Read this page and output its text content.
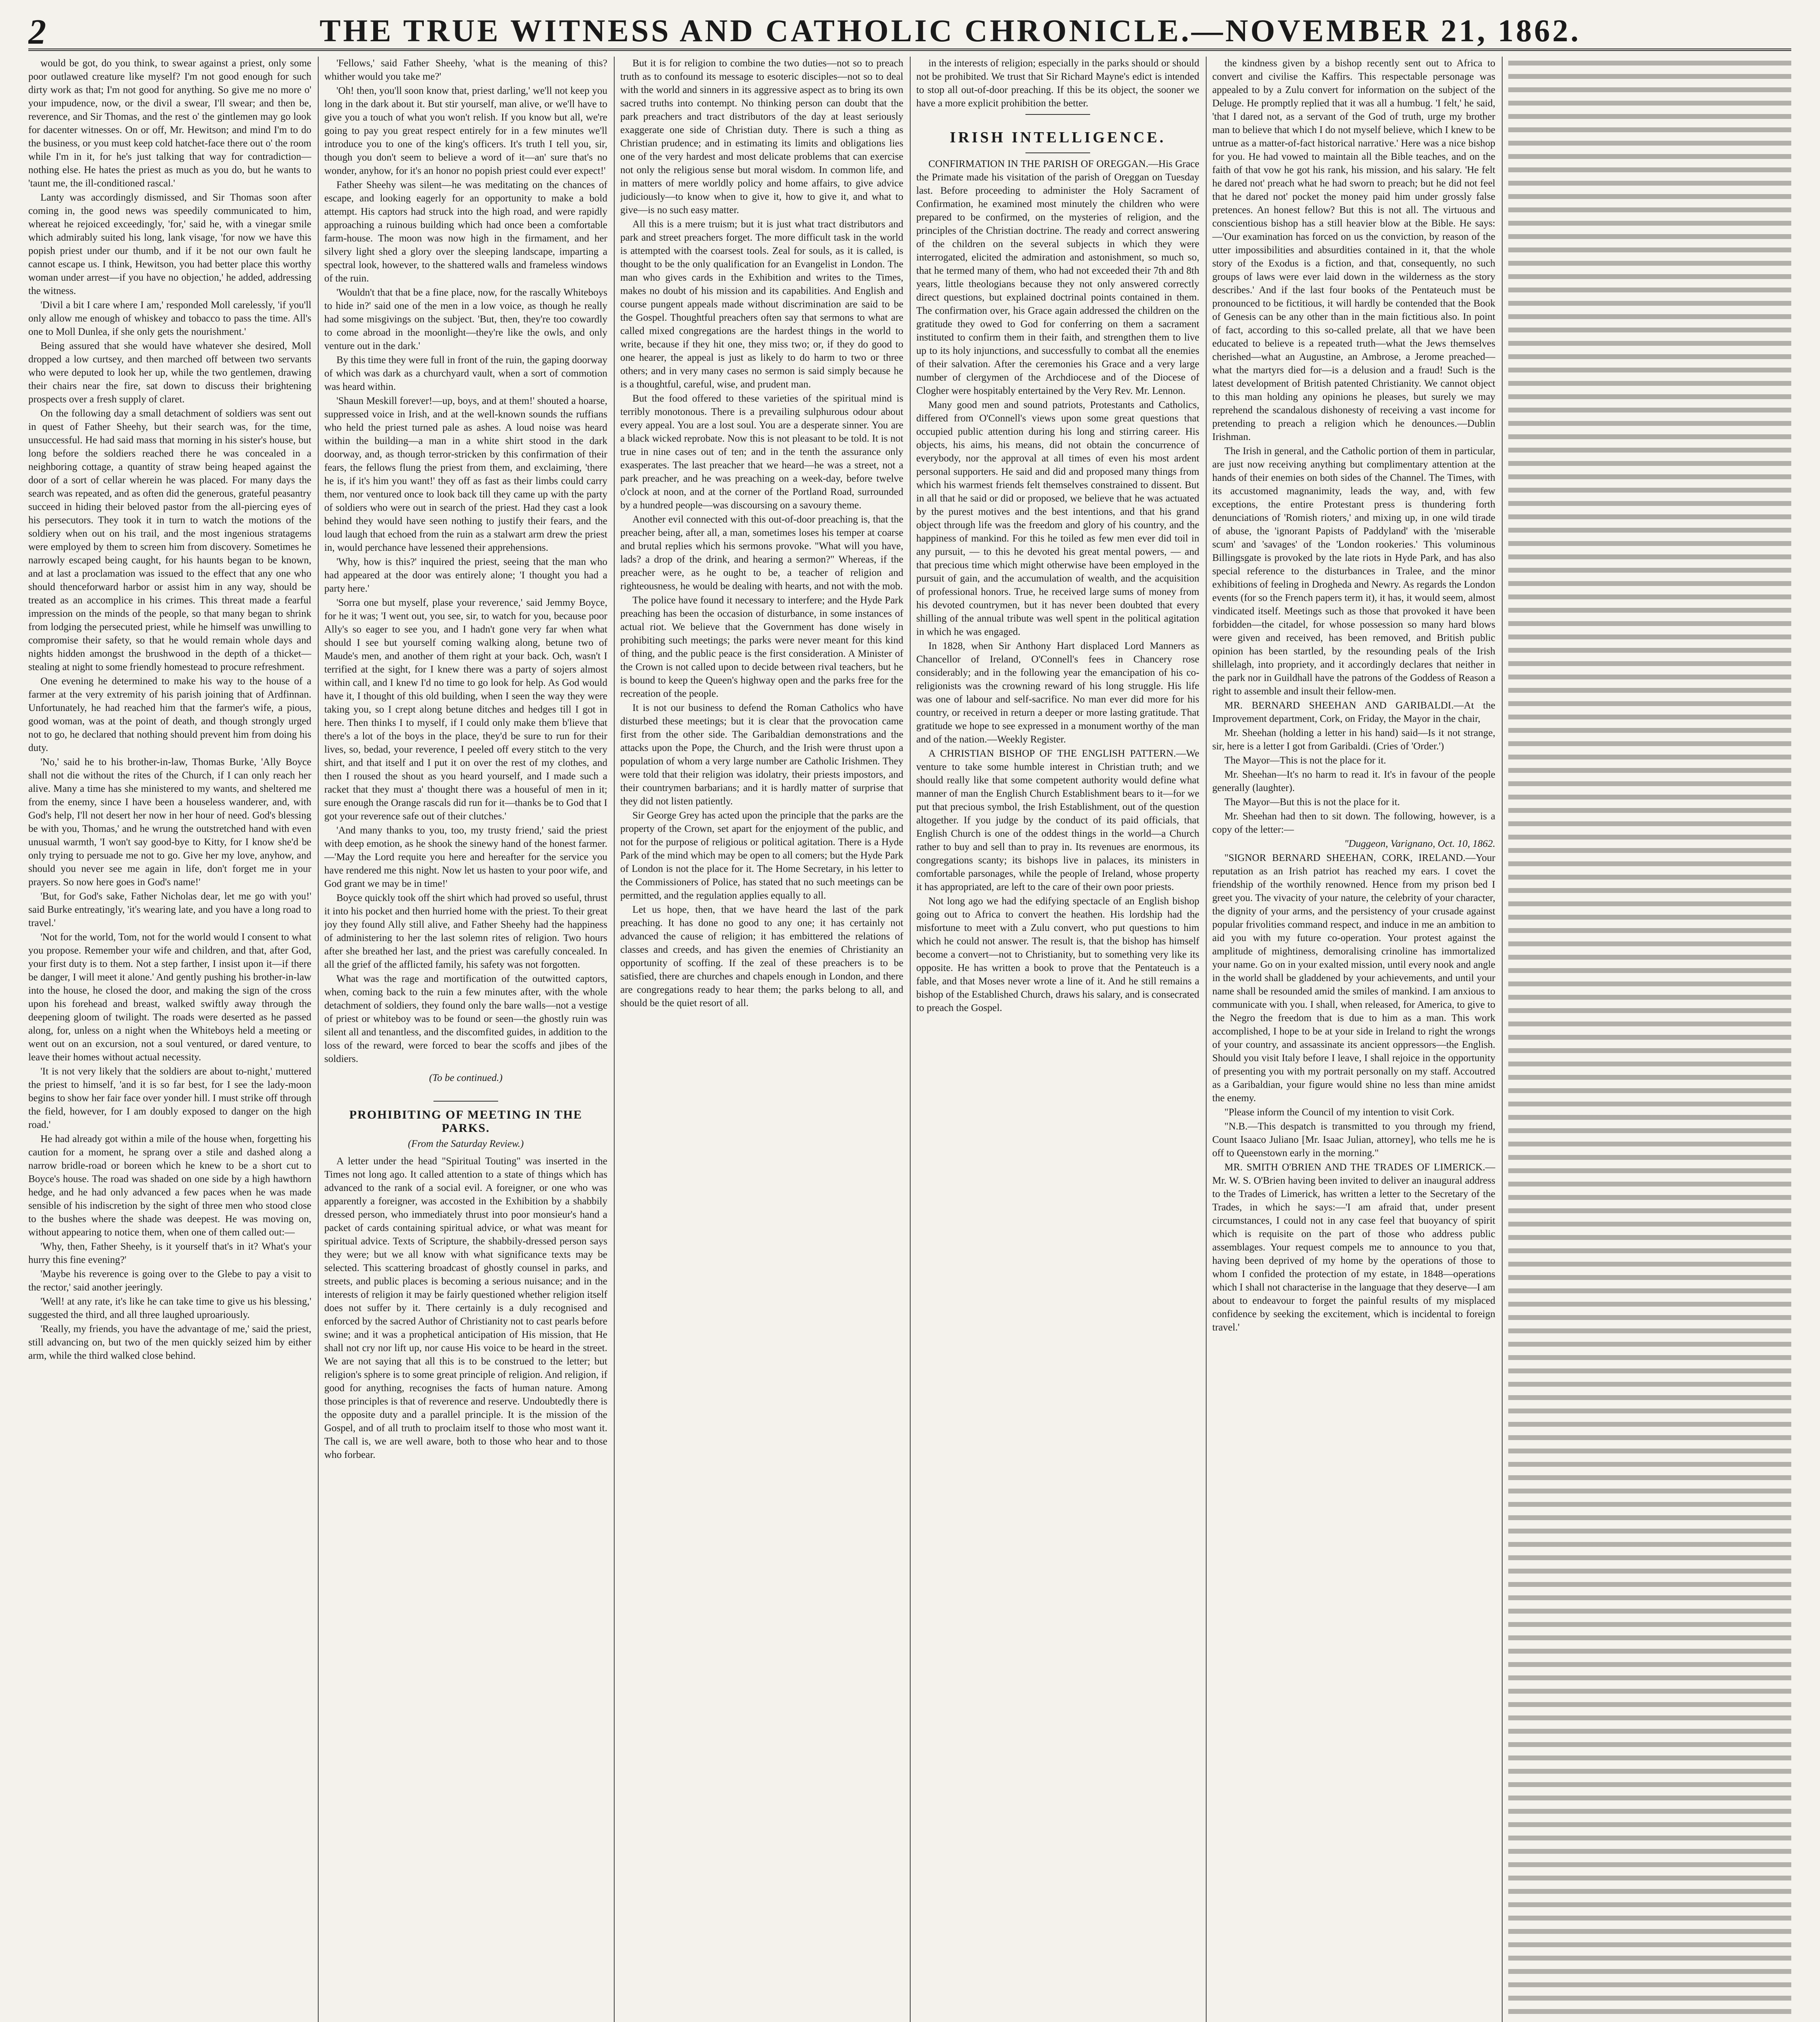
2	THE TRUE WITNESS AND CATHOLIC CHRONICLE.—NOVEMBER 21, 1862.

would be got, do you think, to swear against a priest, only some poor outlawed creature like myself? I'm not good enough for such dirty work as that; I'm not good for anything. So give me no more o' your impudence, now, or the divil a swear, I'll swear; and then be, reverence, and Sir Thomas, and the rest o' the gintlemen may go look for dacenter witnesses. On or off, Mr. Hewitson; and mind I'm to do the business, or you must keep cold hatchet-face there out o' the room while I'm in it, for he's just talking that way for contradiction—nothing else. He hates the priest as much as you do, but he wants to 'taunt me, the ill-conditioned rascal.'

Lanty was accordingly dismissed, and Sir Thomas soon after coming in, the good news was speedily communicated to him, whereat he rejoiced exceedingly, 'for,' said he, with a vinegar smile which admirably suited his long, lank visage, 'for now we have this popish priest under our thumb, and if it be not our own fault he cannot escape us. I think, Hewitson, you had better place this worthy woman under arrest—if you have no objection,' he added, addressing the witness.

'Divil a bit I care where I am,' responded Moll carelessly, 'if you'll only allow me enough of whiskey and tobacco to pass the time. All's one to Moll Dunlea, if she only gets the nourishment.'

Being assured that she would have whatever she desired, Moll dropped a low curtsey, and then marched off between two servants who were deputed to look her up, while the two gentlemen, drawing their chairs near the fire, sat down to discuss their brightening prospects over a fresh supply of claret.

On the following day a small detachment of soldiers was sent out in quest of Father Sheehy, but their search was, for the time, unsuccessful. He had said mass that morning in his sister's house, but long before the soldiers reached there he was concealed in a neighboring cottage, a quantity of straw being heaped against the door of a sort of cellar wherein he was placed. For many days the search was repeated, and as often did the generous, grateful peasantry succeed in hiding their beloved pastor from the all-piercing eyes of his persecutors. They took it in turn to watch the motions of the soldiery when out on his trail, and the most ingenious stratagems were employed by them to screen him from discovery. Sometimes he narrowly escaped being caught, for his haunts began to be known, and at last a proclamation was issued to the effect that any one who should thenceforward harbor or assist him in any way, should be treated as an accomplice in his crimes. This threat made a fearful impression on the minds of the people, so that many began to shrink from lodging the persecuted priest, while he himself was unwilling to compromise their safety, so that he would remain whole days and nights hidden amongst the brushwood in the depth of a thicket—stealing at night to some friendly homestead to procure refreshment.

One evening he determined to make his way to the house of a farmer at the very extremity of his parish joining that of Ardfinnan. Unfortunately, he had reached him that the farmer's wife, a pious, good woman, was at the point of death, and though strongly urged not to go, he declared that nothing should prevent him from doing his duty.

'No,' said he to his brother-in-law, Thomas Burke, 'Ally Boyce shall not die without the rites of the Church, if I can only reach her alive. Many a time has she ministered to my wants, and sheltered me from the enemy, since I have been a houseless wanderer, and, with God's help, I'll not desert her now in her hour of need. God's blessing be with you, Thomas,' and he wrung the outstretched hand with even unusual warmth, 'I won't say good-bye to Kitty, for I know she'd be only trying to persuade me not to go. Give her my love, anyhow, and should you never see me again in life, don't forget me in your prayers. So now here goes in God's name!'

'But, for God's sake, Father Nicholas dear, let me go with you!' said Burke entreatingly, 'it's wearing late, and you have a long road to travel.'

'Not for the world, Tom, not for the world would I consent to what you propose. Remember your wife and children, and that, after God, your first duty is to them. Not a step farther, I insist upon it—if there be danger, I will meet it alone.' And gently pushing his brother-in-law into the house, he closed the door, and making the sign of the cross upon his forehead and breast, walked swiftly away through the deepening gloom of twilight. The roads were deserted as he passed along, for, unless on a night when the Whiteboys held a meeting or went out on an excursion, not a soul ventured, or dared venture, to leave their homes without actual necessity.

'It is not very likely that the soldiers are about to-night,' muttered the priest to himself, 'and it is so far best, for I see the lady-moon begins to show her fair face over yonder hill. I must strike off through the field, however, for I am doubly exposed to danger on the high road.'

He had already got within a mile of the house when, forgetting his caution for a moment, he sprang over a stile and dashed along a narrow bridle-road or boreen which he knew to be a short cut to Boyce's house. The road was shaded on one side by a high hawthorn hedge, and he had only advanced a few paces when he was made sensible of his indiscretion by the sight of three men who stood close to the bushes where the shade was deepest. He was moving on, without appearing to notice them, when one of them called out:—

'Why, then, Father Sheehy, is it yourself that's in it? What's your hurry this fine evening?'

'Maybe his reverence is going over to the Glebe to pay a visit to the rector,' said another jeeringly.

'Well! at any rate, it's like he can take time to give us his blessing,' suggested the third, and all three laughed uproariously.

'Really, my friends, you have the advantage of me,' said the priest, still advancing on, but two of the men quickly seized him by either arm, while the third walked close behind.

'Fellows,' said Father Sheehy, 'what is the meaning of this? whither would you take me?'

'Oh! then, you'll soon know that, priest darling,' we'll not keep you long in the dark about it. But stir yourself, man alive, or we'll have to give you a touch of what you won't relish. If you know but all, we're going to pay you great respect entirely for in a few minutes we'll introduce you to one of the king's officers. It's truth I tell you, sir, though you don't seem to believe a word of it—an' sure that's no wonder, anyhow, for it's an honor no popish priest could ever expect!'

Father Sheehy was silent—he was meditating on the chances of escape, and looking eagerly for an opportunity to make a bold attempt. His captors had struck into the high road, and were rapidly approaching a ruinous building which had once been a comfortable farm-house. The moon was now high in the firmament, and her silvery light shed a glory over the sleeping landscape, imparting a spectral look, however, to the shattered walls and frameless windows of the ruin.

'Wouldn't that that be a fine place, now, for the rascally Whiteboys to hide in?' said one of the men in a low voice, as though he really had some misgivings on the subject. 'But, then, they're too cowardly to come abroad in the moonlight—they're like the owls, and only venture out in the dark.'

By this time they were full in front of the ruin, the gaping doorway of which was dark as a churchyard vault, when a sort of commotion was heard within.

'Shaun Meskill forever!—up, boys, and at them!' shouted a hoarse, suppressed voice in Irish, and at the well-known sounds the ruffians who held the priest turned pale as ashes. A loud noise was heard within the building—a man in a white shirt stood in the dark doorway, and, as though terror-stricken by this confirmation of their fears, the fellows flung the priest from them, and exclaiming, 'there he is, if it's him you want!' they off as fast as their limbs could carry them, nor ventured once to look back till they came up with the party of soldiers who were out in search of the priest. Had they cast a look behind they would have seen nothing to justify their fears, and the loud laugh that echoed from the ruin as a stalwart arm drew the priest in, would perchance have lessened their apprehensions.

'Why, how is this?' inquired the priest, seeing that the man who had appeared at the door was entirely alone; 'I thought you had a party here.'

'Sorra one but myself, plase your reverence,' said Jemmy Boyce, for he it was; 'I went out, you see, sir, to watch for you, because poor Ally's so eager to see you, and I hadn't gone very far when what should I see but yourself coming walking along, betune two of Maude's men, and another of them right at your back. Och, wasn't I terrified at the sight, for I knew there was a party of sojers almost within call, and I knew I'd no time to go look for help. As God would have it, I thought of this old building, when I seen the way they were taking you, so I crept along betune ditches and hedges till I got in here. Then thinks I to myself, if I could only make them b'lieve that there's a lot of the boys in the place, they'd be sure to run for their lives, so, bedad, your reverence, I peeled off every stitch to the very shirt, and that itself and I put it on over the rest of my clothes, and then I roused the shout as you heard yourself, and I made such a racket that they must a' thought there was a houseful of men in it; sure enough the Orange rascals did run for it—thanks be to God that I got your reverence safe out of their clutches.'

'And many thanks to you, too, my trusty friend,' said the priest with deep emotion, as he shook the sinewy hand of the honest farmer.—'May the Lord requite you here and hereafter for the service you have rendered me this night. Now let us hasten to your poor wife, and God grant we may be in time!'

Boyce quickly took off the shirt which had proved so useful, thrust it into his pocket and then hurried home with the priest. To their great joy they found Ally still alive, and Father Sheehy had the happiness of administering to her the last solemn rites of religion. Two hours after she breathed her last, and the priest was carefully concealed. In all the grief of the afflicted family, his safety was not forgotten.

What was the rage and mortification of the outwitted captors, when, coming back to the ruin a few minutes after, with the whole detachment of soldiers, they found only the bare walls—not a vestige of priest or whiteboy was to be found or seen—the ghostly ruin was silent all and tenantless, and the discomfited guides, in addition to the loss of the reward, were forced to bear the scoffs and jibes of the soldiers.

(To be continued.)
PROHIBITING OF MEETING IN THE PARKS.
(From the Saturday Review.)

A letter under the head "Spiritual Touting" was inserted in the Times not long ago. It called attention to a state of things which has advanced to the rank of a social evil. A foreigner, or one who was apparently a foreigner, was accosted in the Exhibition by a shabbily dressed person, who immediately thrust into poor monsieur's hand a packet of cards containing spiritual advice, or what was meant for spiritual advice. Texts of Scripture, the shabbily-dressed person says they were; but we all know with what significance texts may be selected. This scattering broadcast of ghostly counsel in parks, and streets, and public places is becoming a serious nuisance; and in the interests of religion it may be fairly questioned whether religion itself does not suffer by it. There certainly is a duly recognised and enforced by the sacred Author of Christianity not to cast pearls before swine; and it was a prophetical anticipation of His mission, that He shall not cry nor lift up, nor cause His voice to be heard in the street. We are not saying that all this is to be construed to the letter; but religion's sphere is to some great principle of religion. And religion, if good for anything, recognises the facts of human nature. Among those principles is that of reverence and reserve. Undoubtedly there is the opposite duty and a parallel principle. It is the mission of the Gospel, and of all truth to proclaim itself to those who most want it. The call is, we are well aware, both to those who hear and to those who forbear.

But it is for religion to combine the two duties—not so to preach truth as to confound its message to esoteric disciples—not so to deal with the world and sinners in its aggressive aspect as to bring its own sacred truths into contempt. No thinking person can doubt that the park preachers and tract distributors of the day at least seriously exaggerate one side of Christian duty. There is such a thing as Christian prudence; and in estimating its limits and obligations lies one of the very hardest and most delicate problems that can exercise not only the religious sense but moral wisdom. In common life, and in matters of mere worldly policy and home affairs, to give advice judiciously—to know when to give it, how to give it, and what to give—is no such easy matter.

All this is a mere truism; but it is just what tract distributors and park and street preachers forget. The more difficult task in the world is attempted with the coarsest tools. Zeal for souls, as it is called, is thought to be the only qualification for an Evangelist in London. The man who gives cards in the Exhibition and writes to the Times, makes no doubt of his mission and its capabilities. And English and course pungent appeals made without discrimination are said to be the Gospel. Thoughtful preachers often say that sermons to what are called mixed congregations are the hardest things in the world to write, because if they hit one, they miss two; or, if they do good to one hearer, the appeal is just as likely to do harm to two or three others; and in very many cases no sermon is said simply because he is a thoughtful, careful, wise, and prudent man.

But the food offered to these varieties of the spiritual mind is terribly monotonous. There is a prevailing sulphurous odour about every appeal. You are a lost soul. You are a desperate sinner. You are a black wicked reprobate. Now this is not pleasant to be told. It is not true in nine cases out of ten; and in the tenth the assurance only exasperates. The last preacher that we heard—he was a street, not a park preacher, and he was preaching on a week-day, before twelve o'clock at noon, and at the corner of the Portland Road, surrounded by a hundred people—was discoursing on a savoury theme.

Another evil connected with this out-of-door preaching is, that the preacher being, after all, a man, sometimes loses his temper at coarse and brutal replies which his sermons provoke. "What will you have, lads? a drop of the drink, and hearing a sermon?" Whereas, if the preacher were, as he ought to be, a teacher of religion and righteousness, he would be dealing with hearts, and not with the mob.

The police have found it necessary to interfere; and the Hyde Park preaching has been the occasion of disturbance, in some instances of actual riot. We believe that the Government has done wisely in prohibiting such meetings; the parks were never meant for this kind of thing, and the public peace is the first consideration. A Minister of the Crown is not called upon to decide between rival teachers, but he is bound to keep the Queen's highway open and the parks free for the recreation of the people.

It is not our business to defend the Roman Catholics who have disturbed these meetings; but it is clear that the provocation came first from the other side. The Garibaldian demonstrations and the attacks upon the Pope, the Church, and the Irish were thrust upon a population of whom a very large number are Catholic Irishmen. They were told that their religion was idolatry, their priests impostors, and their countrymen barbarians; and it is hardly matter of surprise that they did not listen patiently.

Sir George Grey has acted upon the principle that the parks are the property of the Crown, set apart for the enjoyment of the public, and not for the purpose of religious or political agitation. There is a Hyde Park of the mind which may be open to all comers; but the Hyde Park of London is not the place for it. The Home Secretary, in his letter to the Commissioners of Police, has stated that no such meetings can be permitted, and the regulation applies equally to all.

Let us hope, then, that we have heard the last of the park preaching. It has done no good to any one; it has certainly not advanced the cause of religion; it has embittered the relations of classes and creeds, and has given the enemies of Christianity an opportunity of scoffing. If the zeal of these preachers is to be satisfied, there are churches and chapels enough in London, and there are congregations ready to hear them; the parks belong to all, and should be the quiet resort of all.

in the interests of religion; especially in the parks should or should not be prohibited. We trust that Sir Richard Mayne's edict is intended to stop all out-of-door preaching. If this be its object, the sooner we have a more explicit prohibition the better.

IRISH INTELLIGENCE.

CONFIRMATION IN THE PARISH OF OREGGAN.—His Grace the Primate made his visitation of the parish of Oreggan on Tuesday last. Before proceeding to administer the Holy Sacrament of Confirmation, he examined most minutely the children who were prepared to be confirmed, on the mysteries of religion, and the principles of the Christian doctrine. The ready and correct answering of the children on the several subjects in which they were interrogated, elicited the admiration and astonishment, so much so, that he termed many of them, who had not exceeded their 7th and 8th years, little theologians because they not only answered correctly direct questions, but explained doctrinal points contained in them. The confirmation over, his Grace again addressed the children on the gratitude they owed to God for conferring on them a sacrament instituted to confirm them in their faith, and strengthen them to live up to its holy injunctions, and successfully to combat all the enemies of their salvation. After the ceremonies his Grace and a very large number of clergymen of the Archdiocese and of the Diocese of Clogher were hospitably entertained by the Very Rev. Mr. Lennon.

Many good men and sound patriots, Protestants and Catholics, differed from O'Connell's views upon some great questions that occupied public attention during his long and stirring career. His objects, his aims, his means, did not obtain the concurrence of everybody, nor the approval at all times of even his most ardent personal supporters. He said and did and proposed many things from which his warmest friends felt themselves constrained to dissent. But in all that he said or did or proposed, we believe that he was actuated by the purest motives and the best intentions, and that his grand object through life was the freedom and glory of his country, and the happiness of mankind. For this he toiled as few men ever did toil in any pursuit, — to this he devoted his great mental powers, — and that precious time which might otherwise have been employed in the pursuit of gain, and the accumulation of wealth, and the acquisition of professional honors. True, he received large sums of money from his devoted countrymen, but it has never been doubted that every shilling of the annual tribute was well spent in the political agitation in which he was engaged.

In 1828, when Sir Anthony Hart displaced Lord Manners as Chancellor of Ireland, O'Connell's fees in Chancery rose considerably; and in the following year the emancipation of his co-religionists was the crowning reward of his long struggle. His life was one of labour and self-sacrifice. No man ever did more for his country, or received in return a deeper or more lasting gratitude. That gratitude we hope to see expressed in a monument worthy of the man and of the nation.—Weekly Register.

A CHRISTIAN BISHOP OF THE ENGLISH PATTERN.—We venture to take some humble interest in Christian truth; and we should really like that some competent authority would define what manner of man the English Church Establishment bears to it—for we put that precious symbol, the Irish Establishment, out of the question altogether. If you judge by the conduct of its paid officials, that English Church is one of the oddest things in the world—a Church rather to buy and sell than to pray in. Its revenues are enormous, its congregations scanty; its bishops live in palaces, its ministers in comfortable parsonages, while the people of Ireland, whose property it has appropriated, are left to the care of their own poor priests.

Not long ago we had the edifying spectacle of an English bishop going out to Africa to convert the heathen. His lordship had the misfortune to meet with a Zulu convert, who put questions to him which he could not answer. The result is, that the bishop has himself become a convert—not to Christianity, but to something very like its opposite. He has written a book to prove that the Pentateuch is a fable, and that Moses never wrote a line of it. And he still remains a bishop of the Established Church, draws his salary, and is consecrated to preach the Gospel.

the kindness given by a bishop recently sent out to Africa to convert and civilise the Kaffirs. This respectable personage was appealed to by a Zulu convert for information on the subject of the Deluge. He promptly replied that it was all a humbug. 'I felt,' he said, 'that I dared not, as a servant of the God of truth, urge my brother man to believe that which I do not myself believe, which I knew to be untrue as a matter-of-fact historical narrative.' Here was a nice bishop for you. He had vowed to maintain all the Bible teaches, and on the faith of that vow he got his rank, his mission, and his salary. 'He felt he dared not' preach what he had sworn to preach; but he did not feel that he dared not' pocket the money paid him under grossly false pretences. An honest fellow? But this is not all. The virtuous and conscientious bishop has a still heavier blow at the Bible. He says:—'Our examination has forced on us the conviction, by reason of the utter impossibilities and absurdities contained in it, that the whole story of the Exodus is a fiction, and that, consequently, no such groups of laws were ever laid down in the wilderness as the story describes.' And if the last four books of the Pentateuch must be pronounced to be fictitious, it will hardly be contended that the Book of Genesis can be any other than in the main fictitious also. In point of fact, according to this so-called prelate, all that we have been educated to believe is a repeated truth—what the Jews themselves cherished—what an Augustine, an Ambrose, a Jerome preached—what the martyrs died for—is a delusion and a fraud! Such is the latest development of British patented Christianity. We cannot object to this man holding any opinions he pleases, but surely we may reprehend the scandalous dishonesty of receiving a vast income for pretending to preach a religion which he denounces.—Dublin Irishman.

The Irish in general, and the Catholic portion of them in particular, are just now receiving anything but complimentary attention at the hands of their enemies on both sides of the Channel. The Times, with its accustomed magnanimity, leads the way, and, with few exceptions, the entire Protestant press is thundering forth denunciations of 'Romish rioters,' and mixing up, in one wild tirade of abuse, the 'ignorant Papists of Paddyland' with the 'miserable scum' and 'savages' of the 'London rookeries.' This voluminous Billingsgate is provoked by the late riots in Hyde Park, and has also special reference to the disturbances in Tralee, and the minor exhibitions of feeling in Drogheda and Newry. As regards the London events (for so the French papers term it), it has, it would seem, almost vindicated itself. Meetings such as those that provoked it have been forbidden—the citadel, for whose possession so many hard blows were given and received, has been removed, and British public opinion has been startled, by the resounding peals of the Irish shillelagh, into propriety, and it accordingly declares that neither in the park nor in Guildhall have the patrons of the Goddess of Reason a right to assemble and insult their fellow-men.

MR. BERNARD SHEEHAN AND GARIBALDI.—At the Improvement department, Cork, on Friday, the Mayor in the chair,

Mr. Sheehan (holding a letter in his hand) said—Is it not strange, sir, here is a letter I got from Garibaldi. (Cries of 'Order.')

The Mayor—This is not the place for it.

Mr. Sheehan—It's no harm to read it. It's in favour of the people generally (laughter).

The Mayor—But this is not the place for it.

Mr. Sheehan had then to sit down. The following, however, is a copy of the letter:—

"Duggeon, Varignano, Oct. 10, 1862.

"SIGNOR BERNARD SHEEHAN, CORK, IRELAND.—Your reputation as an Irish patriot has reached my ears. I covet the friendship of the worthily renowned. Hence from my prison bed I greet you. The vivacity of your nature, the celebrity of your character, the dignity of your arms, and the persistency of your crusade against popular frivolities command respect, and induce in me an ambition to aid you with my future co-operation. Your protest against the amplitude of mightiness, demoralising crinoline has immortalized your name. Go on in your exalted mission, until every nook and angle in the world shall be gladdened by your achievements, and until your name shall be resounded amid the smiles of mankind. I am anxious to communicate with you. I shall, when released, for America, to give to the Negro the freedom that is due to him as a man. This work accomplished, I hope to be at your side in Ireland to right the wrongs of your country, and assassinate its ancient oppressors—the English. Should you visit Italy before I leave, I shall rejoice in the opportunity of presenting you with my portrait personally on my staff. Accoutred as a Garibaldian, your figure would shine no less than mine amidst the enemy.

"Please inform the Council of my intention to visit Cork.

"N.B.—This despatch is transmitted to you through my friend, Count Isaaco Juliano [Mr. Isaac Julian, attorney], who tells me he is off to Queenstown early in the morning."

MR. SMITH O'BRIEN AND THE TRADES OF LIMERICK.—Mr. W. S. O'Brien having been invited to deliver an inaugural address to the Trades of Limerick, has written a letter to the Secretary of the Trades, in which he says:—'I am afraid that, under present circumstances, I could not in any case feel that buoyancy of spirit which is requisite on the part of those who address public assemblages. Your request compels me to announce to you that, having been deprived of my home by the operations of those to whom I confided the protection of my estate, in 1848—operations which I shall not characterise in the language that they deserve—I am about to endeavour to forget the painful results of my misplaced confidence by seeking the excitement, which is incidental to foreign travel.'
